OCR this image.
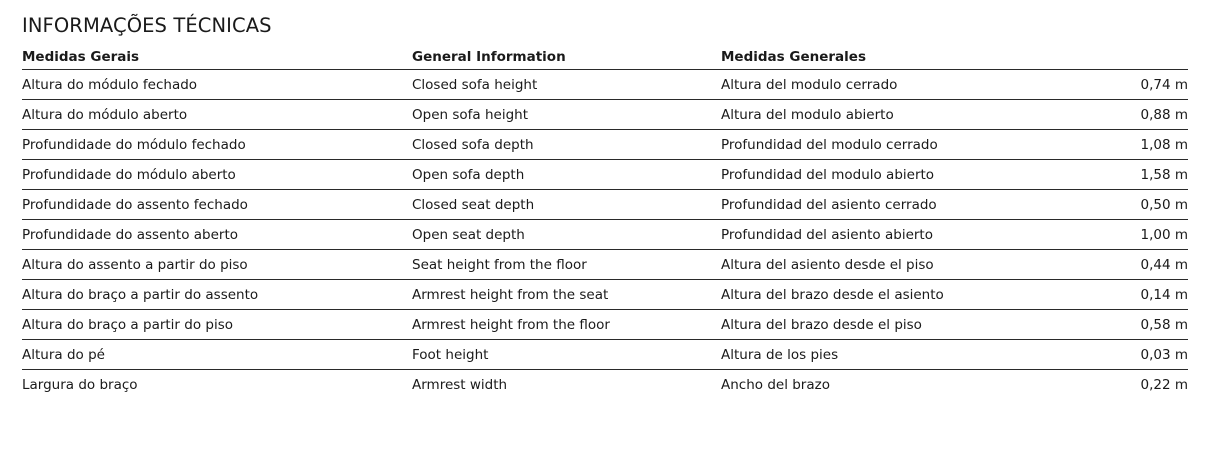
INFORMAÇÕES TÉCNICAS
Medidas Gerais	General Information	Medidas Generales
Altura do módulo fechado	Closed sofa height	Altura del modulo cerrado	0,74 m
Altura do módulo aberto	Open sofa height	Altura del modulo abierto	0,88 m
Profundidade do módulo fechado	Closed sofa depth	Profundidad del modulo cerrado	1,08 m
Profundidade do módulo aberto	Open sofa depth	Profundidad del modulo abierto	1,58 m
Profundidade do assento fechado	Closed seat depth	Profundidad del asiento cerrado	0,50 m
Profundidade do assento aberto	Open seat depth	Profundidad del asiento abierto	1,00 m
Altura do assento a partir do piso	Seat height from the floor	Altura del asiento desde el piso	0,44 m
Altura do braço a partir do assento	Armrest height from the seat	Altura del brazo desde el asiento	0,14 m
Altura do braço a partir do piso	Armrest height from the floor	Altura del brazo desde el piso	0,58 m
Altura do pé	Foot height	Altura de los pies	0,03 m
Largura do braço	Armrest width	Ancho del brazo	0,22 m
